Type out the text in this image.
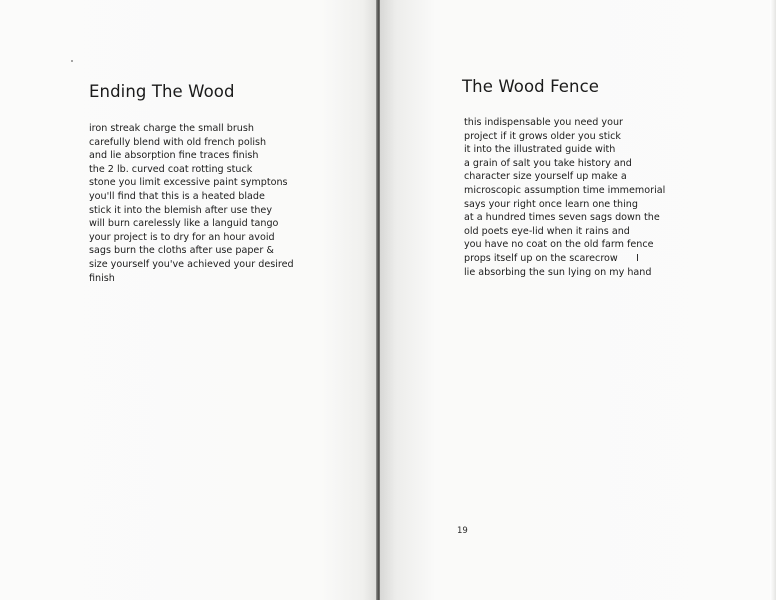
Ending The Wood
iron streak charge the small brush
carefully blend with old french polish
and lie absorption fine traces finish
the 2 lb. curved coat rotting stuck
stone you limit excessive paint symptons
you'll find that this is a heated blade
stick it into the blemish after use they
will burn carelessly like a languid tango
your project is to dry for an hour avoid
sags burn the cloths after use paper &
size yourself you've achieved your desired
finish
The Wood Fence
this indispensable you need your
project if it grows older you stick
it into the illustrated guide with
a grain of salt you take history and
character size yourself up make a
microscopic assumption time immemorial
says your right once learn one thing
at a hundred times seven sags down the
old poets eye-lid when it rains and
you have no coat on the old farm fence
props itself up on the scarecrow      I
lie absorbing the sun lying on my hand
19
